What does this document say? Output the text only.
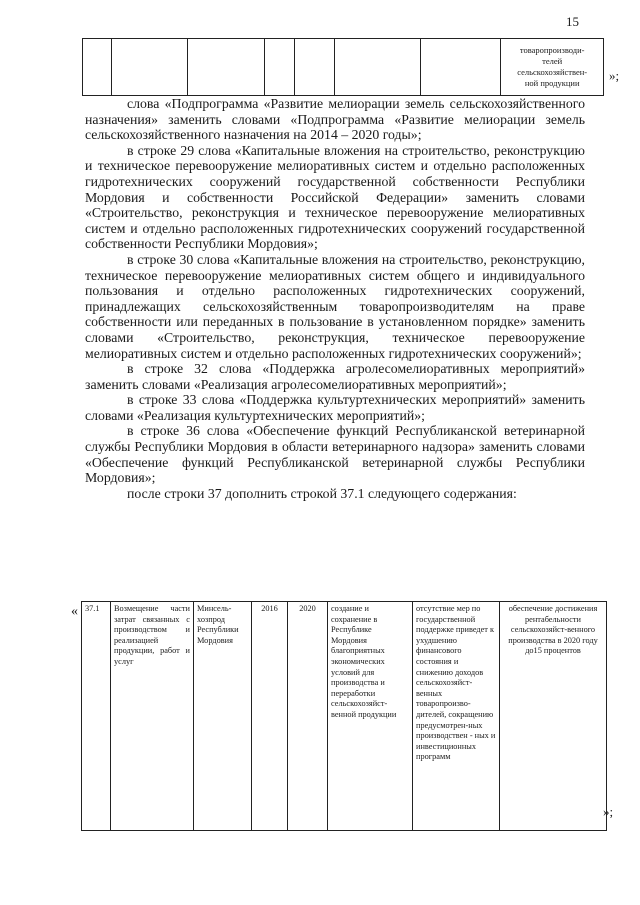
15
товаропроизводи-
телей
сельскохозяйствен-
ной продукции	»;

слова «Подпрограмма «Развитие мелиорации земель сельскохозяйственного назначения» заменить словами «Подпрограмма «Развитие мелиорации земель сельскохозяйственного назначения на 2014 – 2020 годы»;

в строке 29 слова «Капитальные вложения на строительство, реконструкцию и техническое перевооружение мелиоративных систем и отдельно расположенных гидротехнических сооружений государственной собственности Республики Мордовия и собственности Российской Федерации» заменить словами «Строительство, реконструкция и техническое перевооружение мелиоративных систем и отдельно расположенных гидротехнических сооружений государственной собственности Республики Мордовия»;

в строке 30 слова «Капитальные вложения на строительство, реконструкцию, техническое перевооружение мелиоративных систем общего и индивидуального пользования и отдельно расположенных гидротехнических сооружений, принадлежащих сельскохозяйственным товаропроизводителям на праве собственности или переданных в пользование в установленном порядке» заменить словами «Строительство, реконструкция, техническое перевооружение мелиоративных систем и отдельно расположенных гидротехнических сооружений»;

в строке 32 слова «Поддержка агролесомелиоративных мероприятий» заменить словами «Реализация агролесомелиоративных мероприятий»;

в строке 33 слова «Поддержка культуртехнических мероприятий» заменить словами «Реализация культуртехнических мероприятий»;

в строке 36 слова «Обеспечение функций Республиканской ветеринарной службы Республики Мордовия в области ветеринарного надзора» заменить словами «Обеспечение функций Республиканской ветеринарной службы Республики Мордовия»;

после строки 37 дополнить строкой 37.1 следующего содержания:

« 37.1	Возмещение части затрат связанных с производством и реализацией продукции, работ и услуг	Минсель-хозпрод Республики Мордовия	2016	2020	создание и сохранение в Республике Мордовия благоприятных экономических условий для производства и переработки сельскохозяйст-венной продукции	отсутствие мер по государственной поддержке приведет к ухудшению финансового состояния и снижению доходов сельскохозяйст-венных товаропроизво-дителей, сокращению предусмотрен-ных производствен - ных и инвестиционных программ	обеспечение достижения рентабельности сельскохозяйст-венного производства в 2020 году до15 процентов
»;
